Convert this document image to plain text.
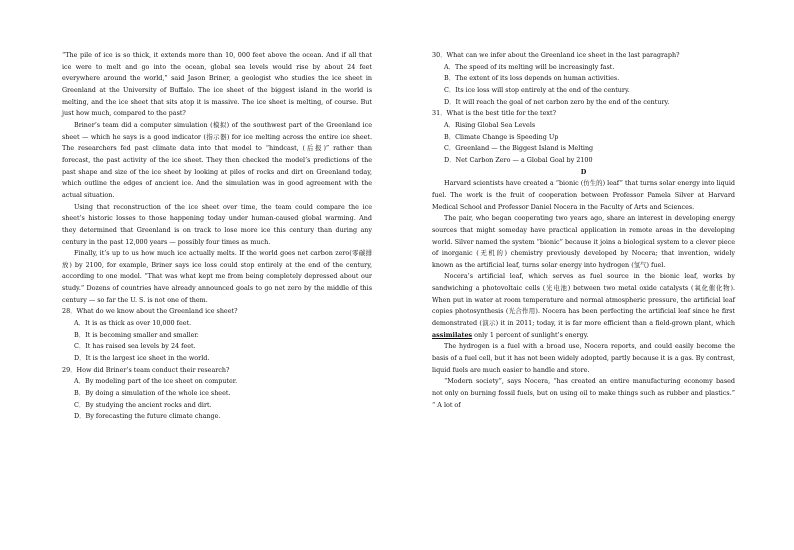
“The pile of ice is so thick, it extends more than 10, 000 feet above the ocean. And if all that ice were to melt and go into the ocean, global sea levels would rise by about 24 feet everywhere around the world,” said Jason Briner, a geologist who studies the ice sheet in Greenland at the University of Buffalo. The ice sheet of the biggest island in the world is melting, and the ice sheet that sits atop it is massive. The ice sheet is melting, of course. But just how much, compared to the past?

Briner’s team did a computer simulation (模拟) of the southwest part of the Greenland ice sheet — which he says is a good indicator (指示器) for ice melting across the entire ice sheet. The researchers fed past climate data into that model to “hindcast, (后报)” rather than forecast, the past activity of the ice sheet. They then checked the model’s predictions of the past shape and size of the ice sheet by looking at piles of rocks and dirt on Greenland today, which outline the edges of ancient ice. And the simulation was in good agreement with the actual situation.

Using that reconstruction of the ice sheet over time, the team could compare the ice sheet’s historic losses to those happening today under human-caused global warming. And they determined that Greenland is on track to lose more ice this century than during any century in the past 12,000 years — possibly four times as much.

Finally, it’s up to us how much ice actually melts. If the world goes net carbon zero(零碳排放) by 2100, for example, Briner says ice loss could stop entirely at the end of the century, according to one model. “That was what kept me from being completely depressed about our study.” Dozens of countries have already announced goals to go net zero by the middle of this century — so far the U. S. is not one of them.

28．What do we know about the Greenland ice sheet?
A．It is as thick as over 10,000 feet.
B．It is becoming smaller and smaller.
C．It has raised sea levels by 24 feet.
D．It is the largest ice sheet in the world.
29．How did Briner’s team conduct their research?
A．By modeling part of the ice sheet on computer.
B．By doing a simulation of the whole ice sheet.
C．By studying the ancient rocks and dirt.
D．By forecasting the future climate change.
30．What can we infer about the Greenland ice sheet in the last paragraph?
A．The speed of its melting will be increasingly fast.
B．The extent of its loss depends on human activities.
C．Its ice loss will stop entirely at the end of the century.
D．It will reach the goal of net carbon zero by the end of the century.
31．What is the best title for the text?
A．Rising Global Sea Levels
B．Climate Change is Speeding Up
C．Greenland — the Biggest Island is Melting
D．Net Carbon Zero — a Global Goal by 2100
D

Harvard scientists have created a “bionic (仿生的) leaf” that turns solar energy into liquid fuel. The work is the fruit of cooperation between Professor Pamela Silver at Harvard Medical School and Professor Daniel Nocera in the Faculty of Arts and Sciences.

The pair, who began cooperating two years ago, share an interest in developing energy sources that might someday have practical application in remote areas in the developing world. Silver named the system “bionic” because it joins a biological system to a clever piece of inorganic (无机的) chemistry previously developed by Nocera; that invention, widely known as the artificial leaf, turns solar energy into hydrogen (氢气) fuel.

Nocera’s artificial leaf, which serves as fuel source in the bionic leaf, works by sandwiching a photovoltaic cells (光电池) between two metal oxide catalysts (氧化催化物). When put in water at room temperature and normal atmospheric pressure, the artificial leaf copies photosynthesis (光合作用). Nocera has been perfecting the artificial leaf since he first demonstrated (演示) it in 2011; today, it is far more efficient than a field-grown plant, which assimilates only 1 percent of sunlight’s energy.

The hydrogen is a fuel with a broad use, Nocera reports, and could easily become the basis of a fuel cell, but it has not been widely adopted, partly because it is a gas. By contrast, liquid fuels are much easier to handle and store.

“Modern society”, says Nocera, “has created an entire manufacturing economy based not only on burning fossil fuels, but on using oil to make things such as rubber and plastics.” “ A lot of
